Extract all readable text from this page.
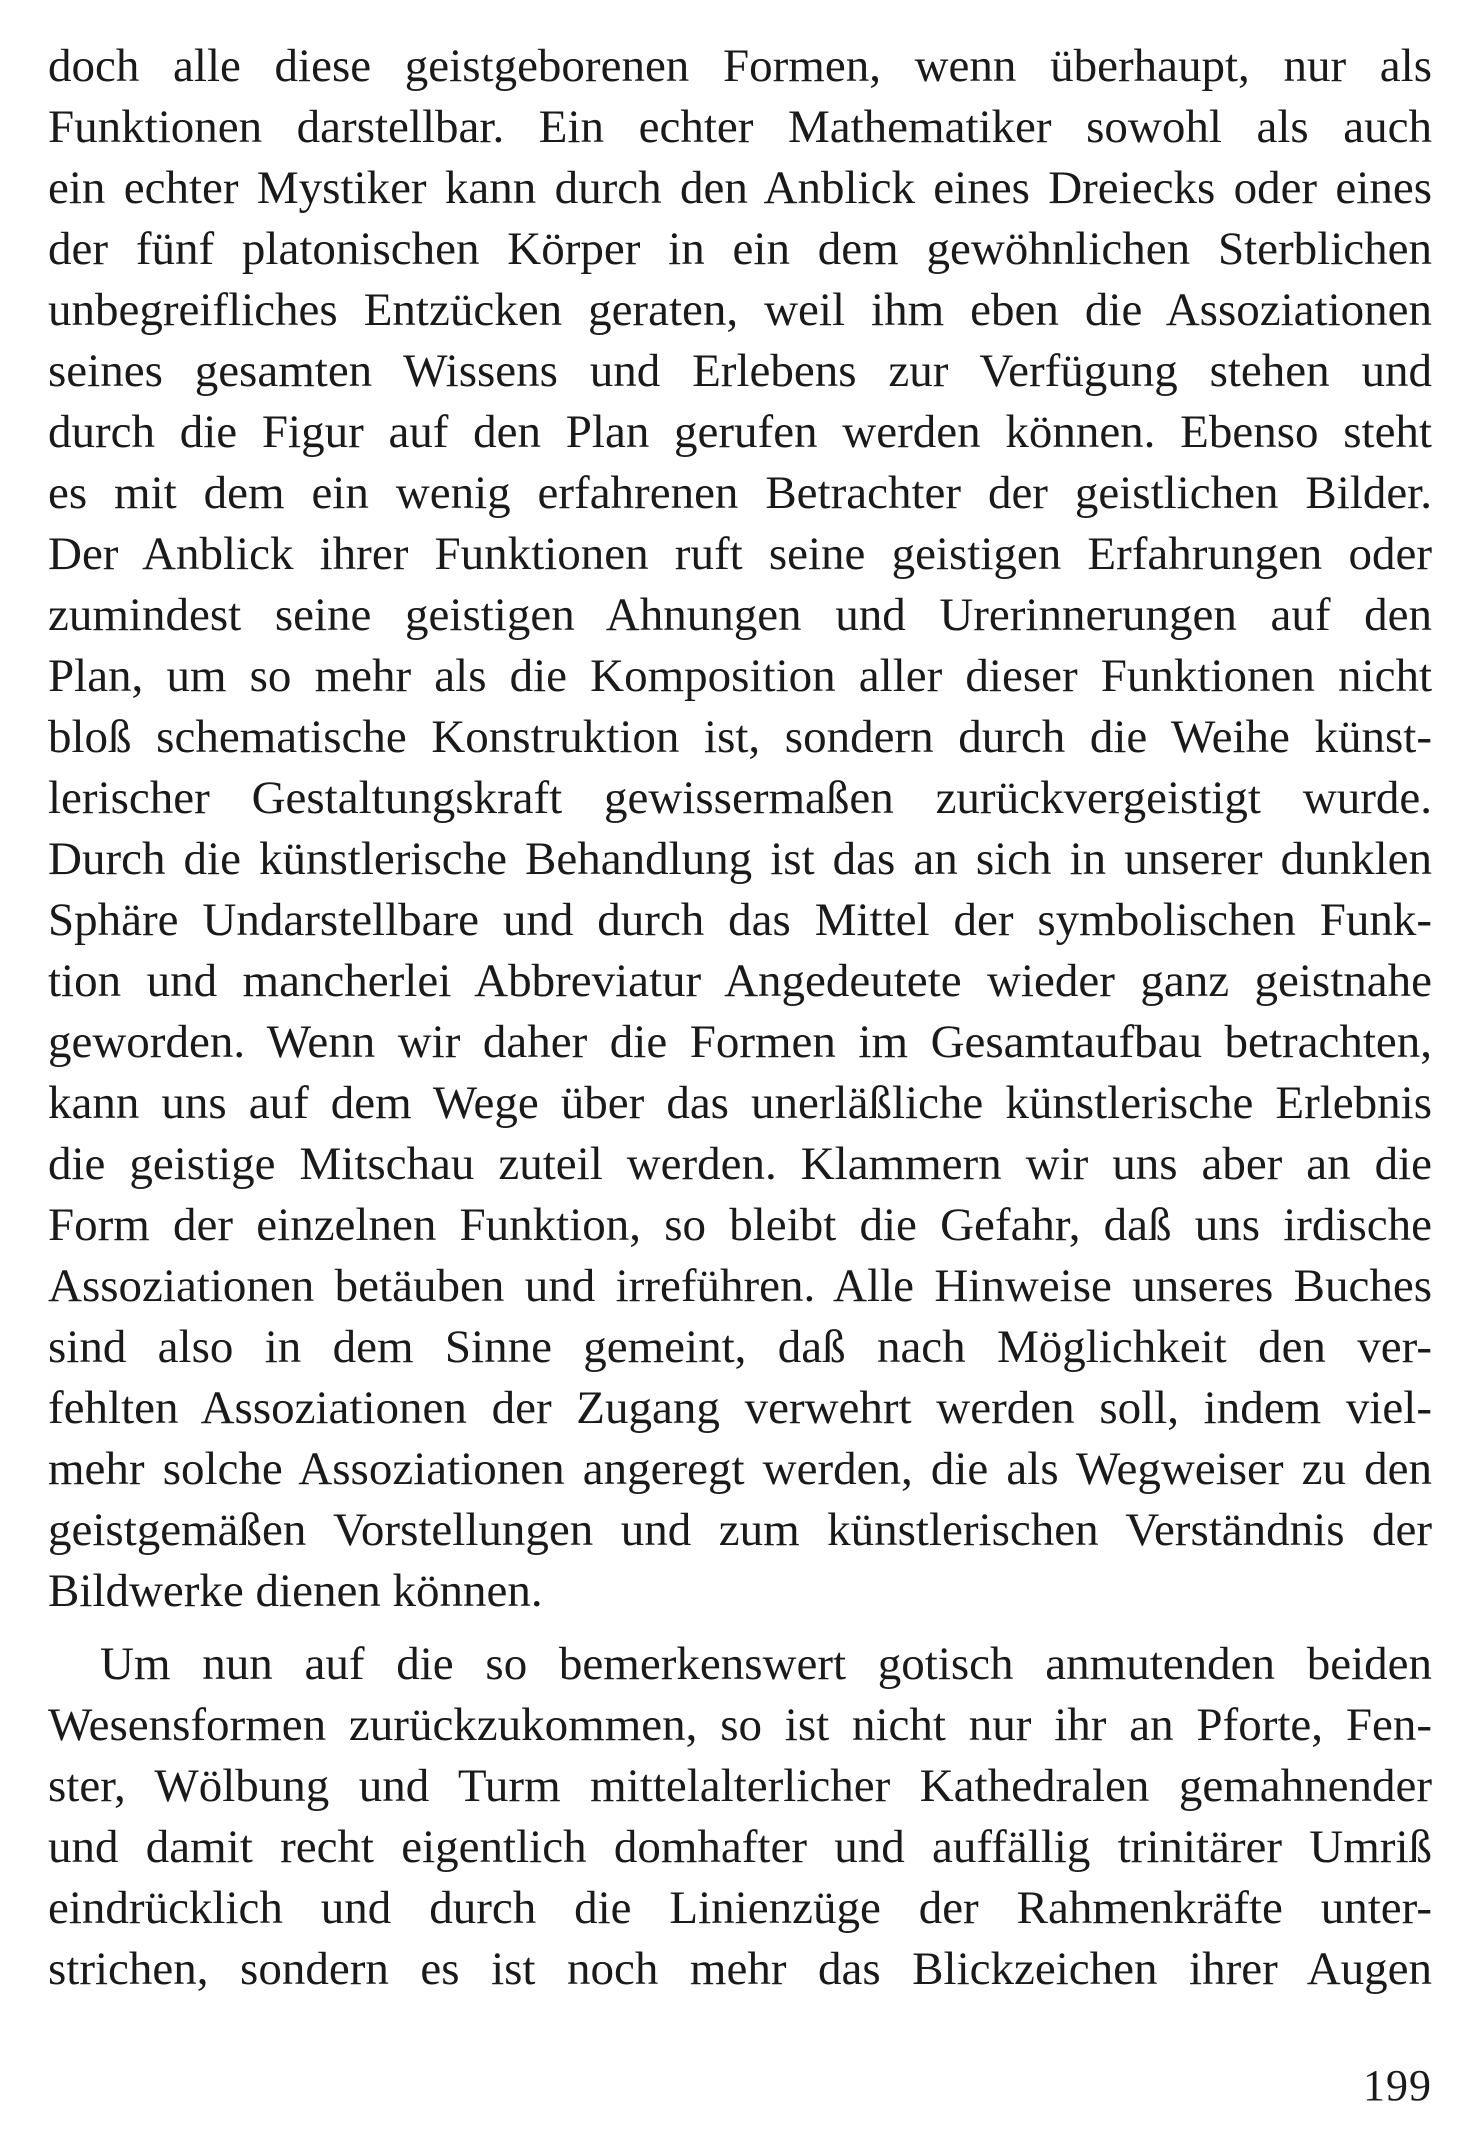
doch alle diese geistgeborenen Formen, wenn überhaupt, nur als
Funktionen darstellbar. Ein echter Mathematiker sowohl als auch
ein echter Mystiker kann durch den Anblick eines Dreiecks oder eines
der fünf platonischen Körper in ein dem gewöhnlichen Sterblichen
unbegreifliches Entzücken geraten, weil ihm eben die Assoziationen
seines gesamten Wissens und Erlebens zur Verfügung stehen und
durch die Figur auf den Plan gerufen werden können. Ebenso steht
es mit dem ein wenig erfahrenen Betrachter der geistlichen Bilder.
Der Anblick ihrer Funktionen ruft seine geistigen Erfahrungen oder
zumindest seine geistigen Ahnungen und Urerinnerungen auf den
Plan, um so mehr als die Komposition aller dieser Funktionen nicht
bloß schematische Konstruktion ist, sondern durch die Weihe künst-
lerischer Gestaltungskraft gewissermaßen zurückvergeistigt wurde.
Durch die künstlerische Behandlung ist das an sich in unserer dunklen
Sphäre Undarstellbare und durch das Mittel der symbolischen Funk-
tion und mancherlei Abbreviatur Angedeutete wieder ganz geistnahe
geworden. Wenn wir daher die Formen im Gesamtaufbau betrachten,
kann uns auf dem Wege über das unerläßliche künstlerische Erlebnis
die geistige Mitschau zuteil werden. Klammern wir uns aber an die
Form der einzelnen Funktion, so bleibt die Gefahr, daß uns irdische
Assoziationen betäuben und irreführen. Alle Hinweise unseres Buches
sind also in dem Sinne gemeint, daß nach Möglichkeit den ver-
fehlten Assoziationen der Zugang verwehrt werden soll, indem viel-
mehr solche Assoziationen angeregt werden, die als Wegweiser zu den
geistgemäßen Vorstellungen und zum künstlerischen Verständnis der
Bildwerke dienen können.
Um nun auf die so bemerkenswert gotisch anmutenden beiden
Wesensformen zurückzukommen, so ist nicht nur ihr an Pforte, Fen-
ster, Wölbung und Turm mittelalterlicher Kathedralen gemahnender
und damit recht eigentlich domhafter und auffällig trinitärer Umriß
eindrücklich und durch die Linienzüge der Rahmenkräfte unter-
strichen, sondern es ist noch mehr das Blickzeichen ihrer Augen
199
